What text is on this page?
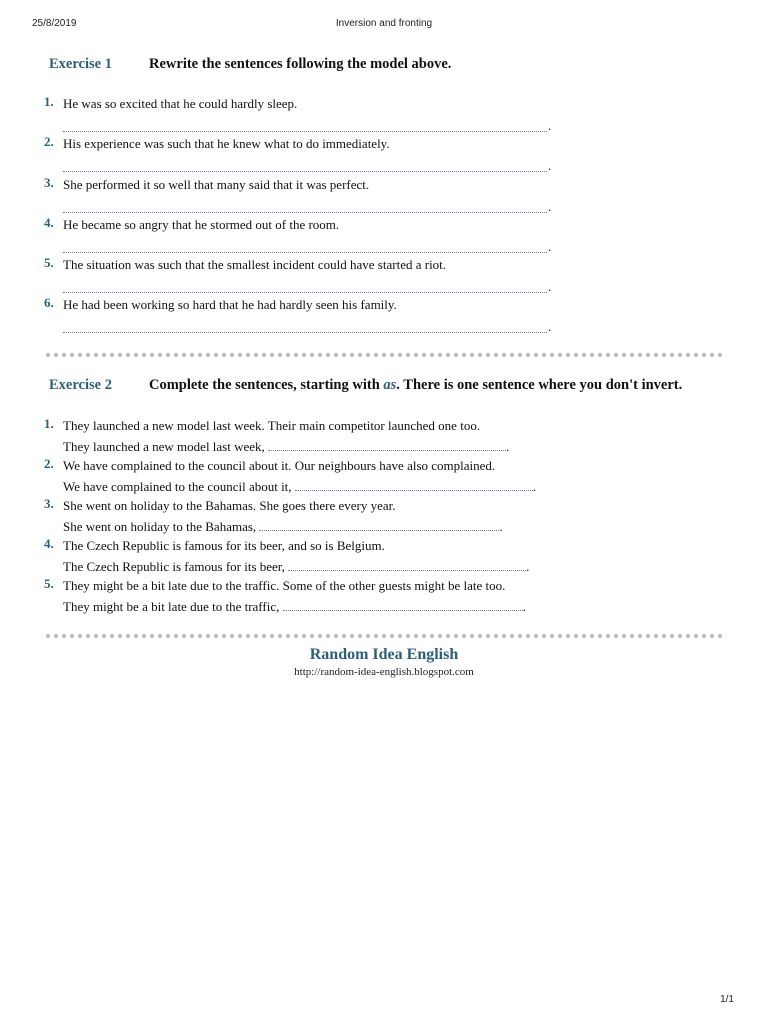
25/8/2019	Inversion and fronting
Exercise 1	Rewrite the sentences following the model above.
1. He was so excited that he could hardly sleep.
.
2. His experience was such that he knew what to do immediately.
.
3. She performed it so well that many said that it was perfect.
.
4. He became so angry that he stormed out of the room.
.
5. The situation was such that the smallest incident could have started a riot.
.
6. He had been working so hard that he had hardly seen his family.
.
Exercise 2	Complete the sentences, starting with as. There is one sentence where you don't invert.
1. They launched a new model last week. Their main competitor launched one too.
They launched a new model last week,	.
2. We have complained to the council about it. Our neighbours have also complained.
We have complained to the council about it,	.
3. She went on holiday to the Bahamas. She goes there every year.
She went on holiday to the Bahamas,	.
4. The Czech Republic is famous for its beer, and so is Belgium.
The Czech Republic is famous for its beer,	.
5. They might be a bit late due to the traffic. Some of the other guests might be late too.
They might be a bit late due to the traffic,	.
Random Idea English
http://random-idea-english.blogspot.com
1/1
